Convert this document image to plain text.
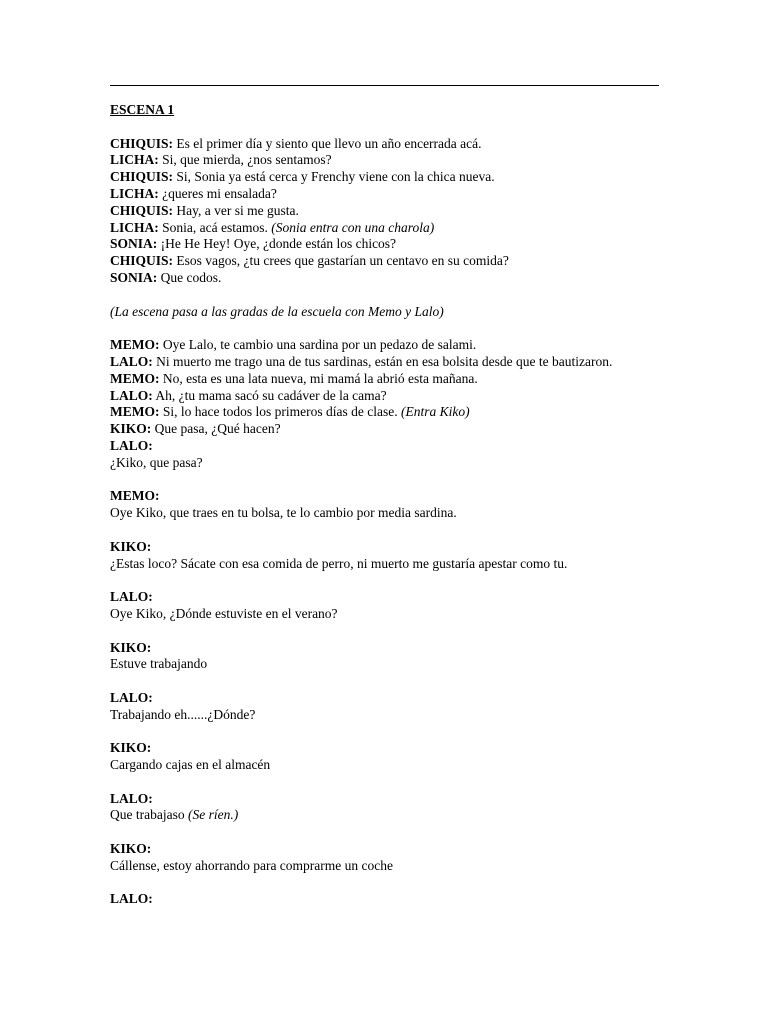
ESCENA 1
CHIQUIS: Es el primer día y siento que llevo un año encerrada acá.
LICHA: Si, que mierda, ¿nos sentamos?
CHIQUIS: Si, Sonia ya está cerca y Frenchy viene con la chica nueva.
LICHA: ¿queres mi ensalada?
CHIQUIS: Hay, a ver si me gusta.
LICHA: Sonia, acá estamos. (Sonia entra con una charola)
SONIA: ¡He He Hey! Oye, ¿donde están los chicos?
CHIQUIS: Esos vagos, ¿tu crees que gastarían un centavo en su comida?
SONIA: Que codos.
(La escena pasa a las gradas de la escuela con Memo y Lalo)
MEMO: Oye Lalo, te cambio una sardina por un pedazo de salami.
LALO: Ni muerto me trago una de tus sardinas, están en esa bolsita desde que te bautizaron.
MEMO: No, esta es una lata nueva, mi mamá la abrió esta mañana.
LALO: Ah, ¿tu mama sacó su cadáver de la cama?
MEMO: Si, lo hace todos los primeros días de clase. (Entra Kiko)
KIKO: Que pasa, ¿Qué hacen?
LALO:
¿Kiko, que pasa?
MEMO:
Oye Kiko, que traes en tu bolsa, te lo cambio por media sardina.
KIKO:
¿Estas loco? Sácate con esa comida de perro, ni muerto me gustaría apestar como tu.
LALO:
Oye Kiko, ¿Dónde estuviste en el verano?
KIKO:
Estuve trabajando
LALO:
Trabajando eh......¿Dónde?
KIKO:
Cargando cajas en el almacén
LALO:
Que trabajaso (Se ríen.)
KIKO:
Cállense, estoy ahorrando para comprarme un coche
LALO:
